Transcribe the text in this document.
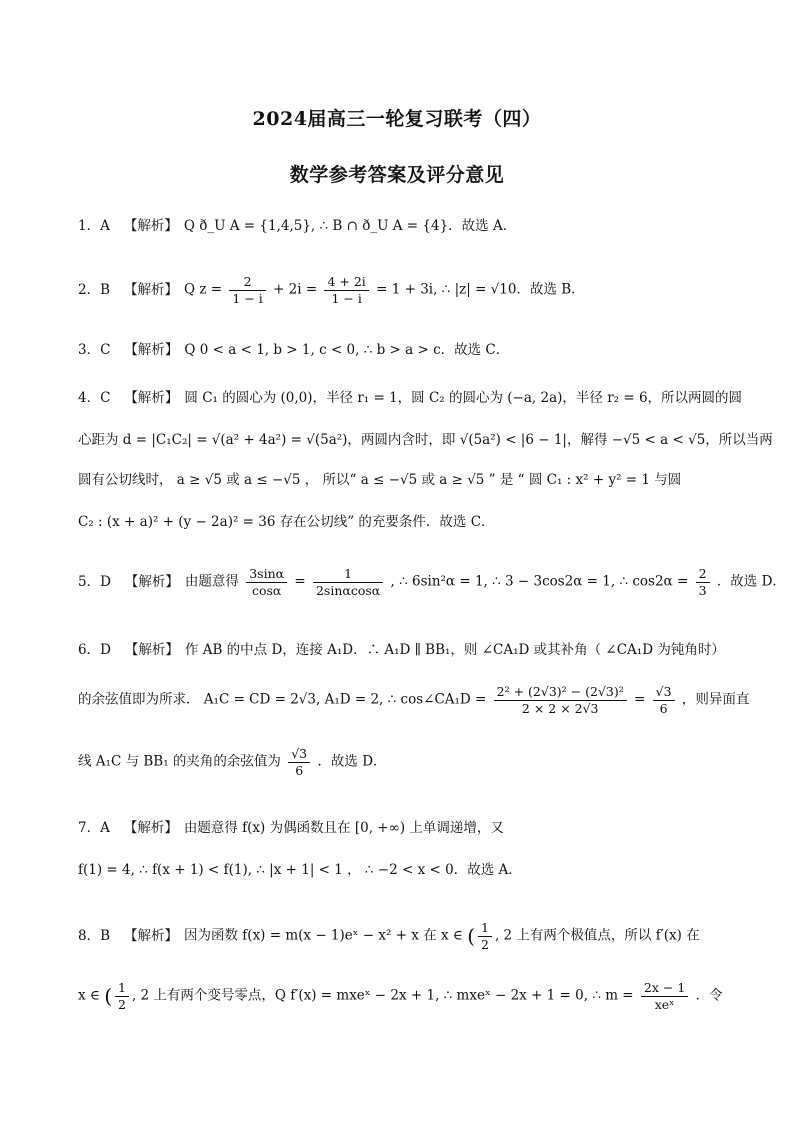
2024届高三一轮复习联考（四）
数学参考答案及评分意见
1．A 【解析】 Q ð_U A = {1,4,5}, ∴ B ∩ ð_U A = {4}．故选 A．
2．B 【解析】 Q $z = \frac{2}{1 - i} + 2i = \frac{4 + 2i}{1 - i} = 1 + 3i$, ∴ |z| = √10．故选 B．
3．C 【解析】 Q 0 < a < 1, b > 1, c < 0, ∴ b > a > c．故选 C．
4．C 【解析】 圆 C₁ 的圆心为 (0,0)，半径 r₁ = 1，圆 C₂ 的圆心为 (−a, 2a)，半径 r₂ = 6，所以两圆的圆
心距为 d = |C₁C₂| = √(a² + 4a²) = √(5a²)，两圆内含时，即 √(5a²) < |6 − 1|，解得 −√5 < a < √5，所以当两
圆有公切线时， a ≥ √5 或 a ≤ −√5 ， 所以“ a ≤ −√5 或 a ≥ √5 ” 是 “ 圆 C₁ : x² + y² = 1 与圆
C₂ : (x + a)² + (y − 2a)² = 36 存在公切线” 的充要条件．故选 C．
5．D 【解析】 由题意得 $\frac{3\sin\alpha}{\cos\alpha} = \frac{1}{2\sin\alpha\cos\alpha}$ , ∴ 6sin²α = 1, ∴ 3 − 3cos2α = 1, ∴ $\cos 2\alpha = \frac{2}{3}$ ．故选 D．
6．D 【解析】 作 AB 的中点 D，连接 A₁D．∴ A₁D ∥ BB₁，则 ∠CA₁D 或其补角（ ∠CA₁D 为钝角时）
的余弦值即为所求． A₁C = CD = 2√3, A₁D = 2, ∴ cos∠CA₁D = $\frac{\text{2² + (2√3)² − (2√3)²}}{2 \times 2 \times 2√3} = \frac{√3}{6}$ ，则异面直
线 A₁C 与 BB₁ 的夹角的余弦值为 $\frac{√3}{6}$ ．故选 D．
7．A 【解析】 由题意得 f(x) 为偶函数且在 [0, +∞) 上单调递增，又
f(1) = 4, ∴ f(x + 1) < f(1), ∴ |x + 1| < 1 ， ∴ −2 < x < 0．故选 A．
8．B 【解析】 因为函数 f(x) = m(x − 1)eˣ − x² + x 在 x ∈ ( $\frac{1}{2}$ , 2 上有两个极值点，所以 f′(x) 在
x ∈ ( $\frac{1}{2}$ , 2 上有两个变号零点，Q f′(x) = mxeˣ − 2x + 1, ∴ mxeˣ − 2x + 1 = 0, ∴ $m = \frac{2x - 1}{\text{xeˣ}}$ ．令
